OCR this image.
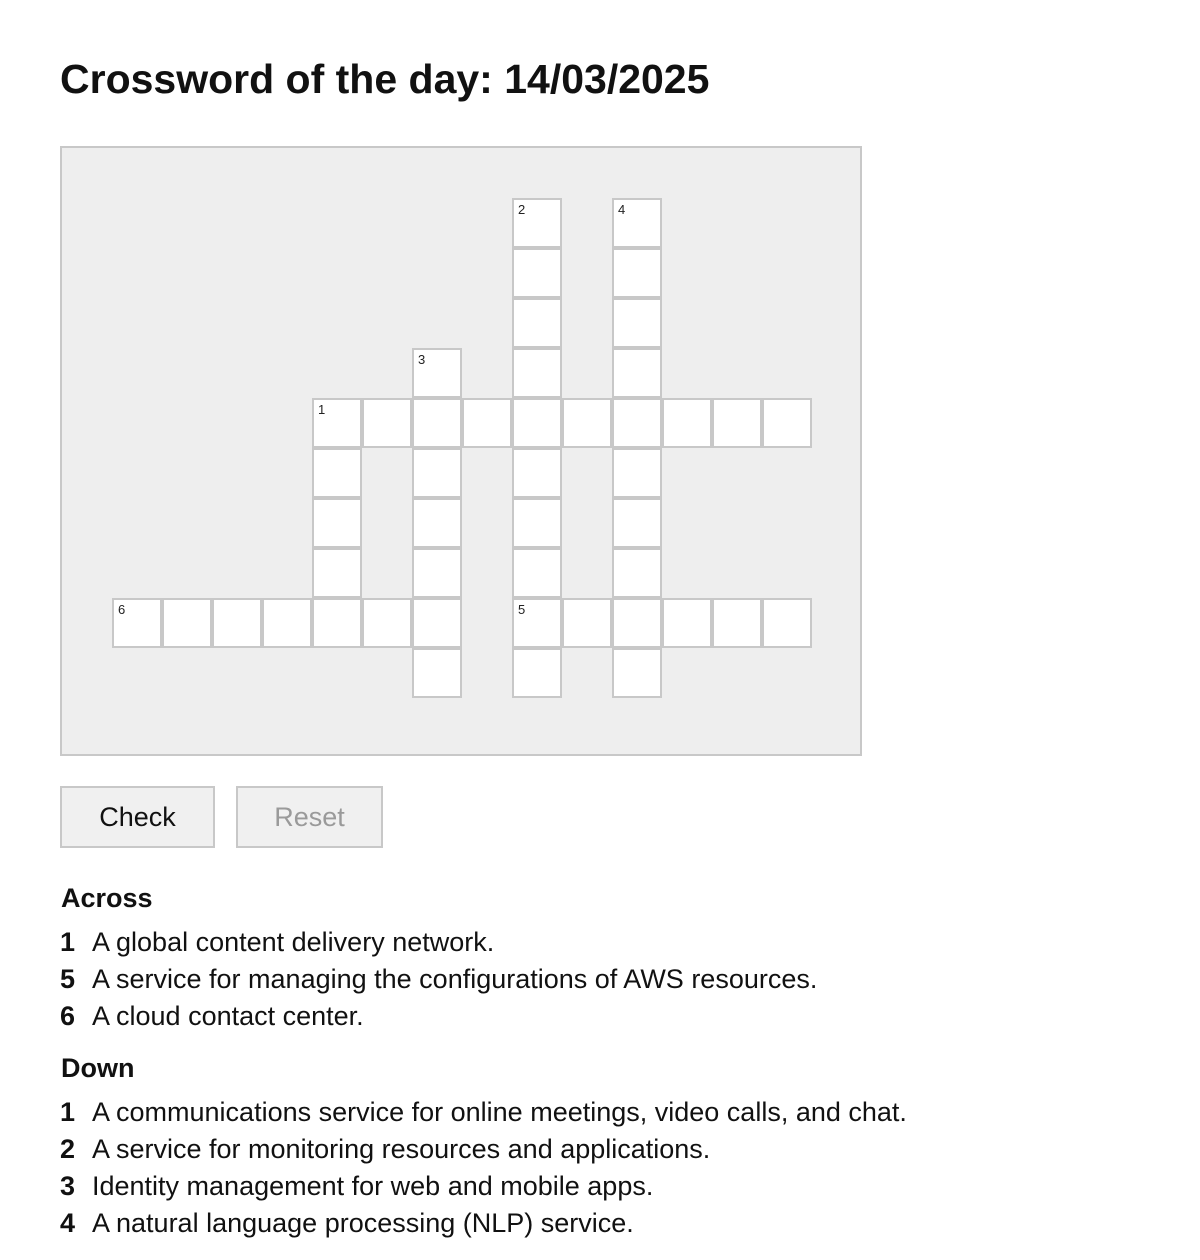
Crossword of the day: 14/03/2025
2
5
4
3
1
6
Check	Reset
Across
1 A global content delivery network.
5 A service for managing the configurations of AWS resources.
6 A cloud contact center.
Down
1 A communications service for online meetings, video calls, and chat.
2 A service for monitoring resources and applications.
3 Identity management for web and mobile apps.
4 A natural language processing (NLP) service.
